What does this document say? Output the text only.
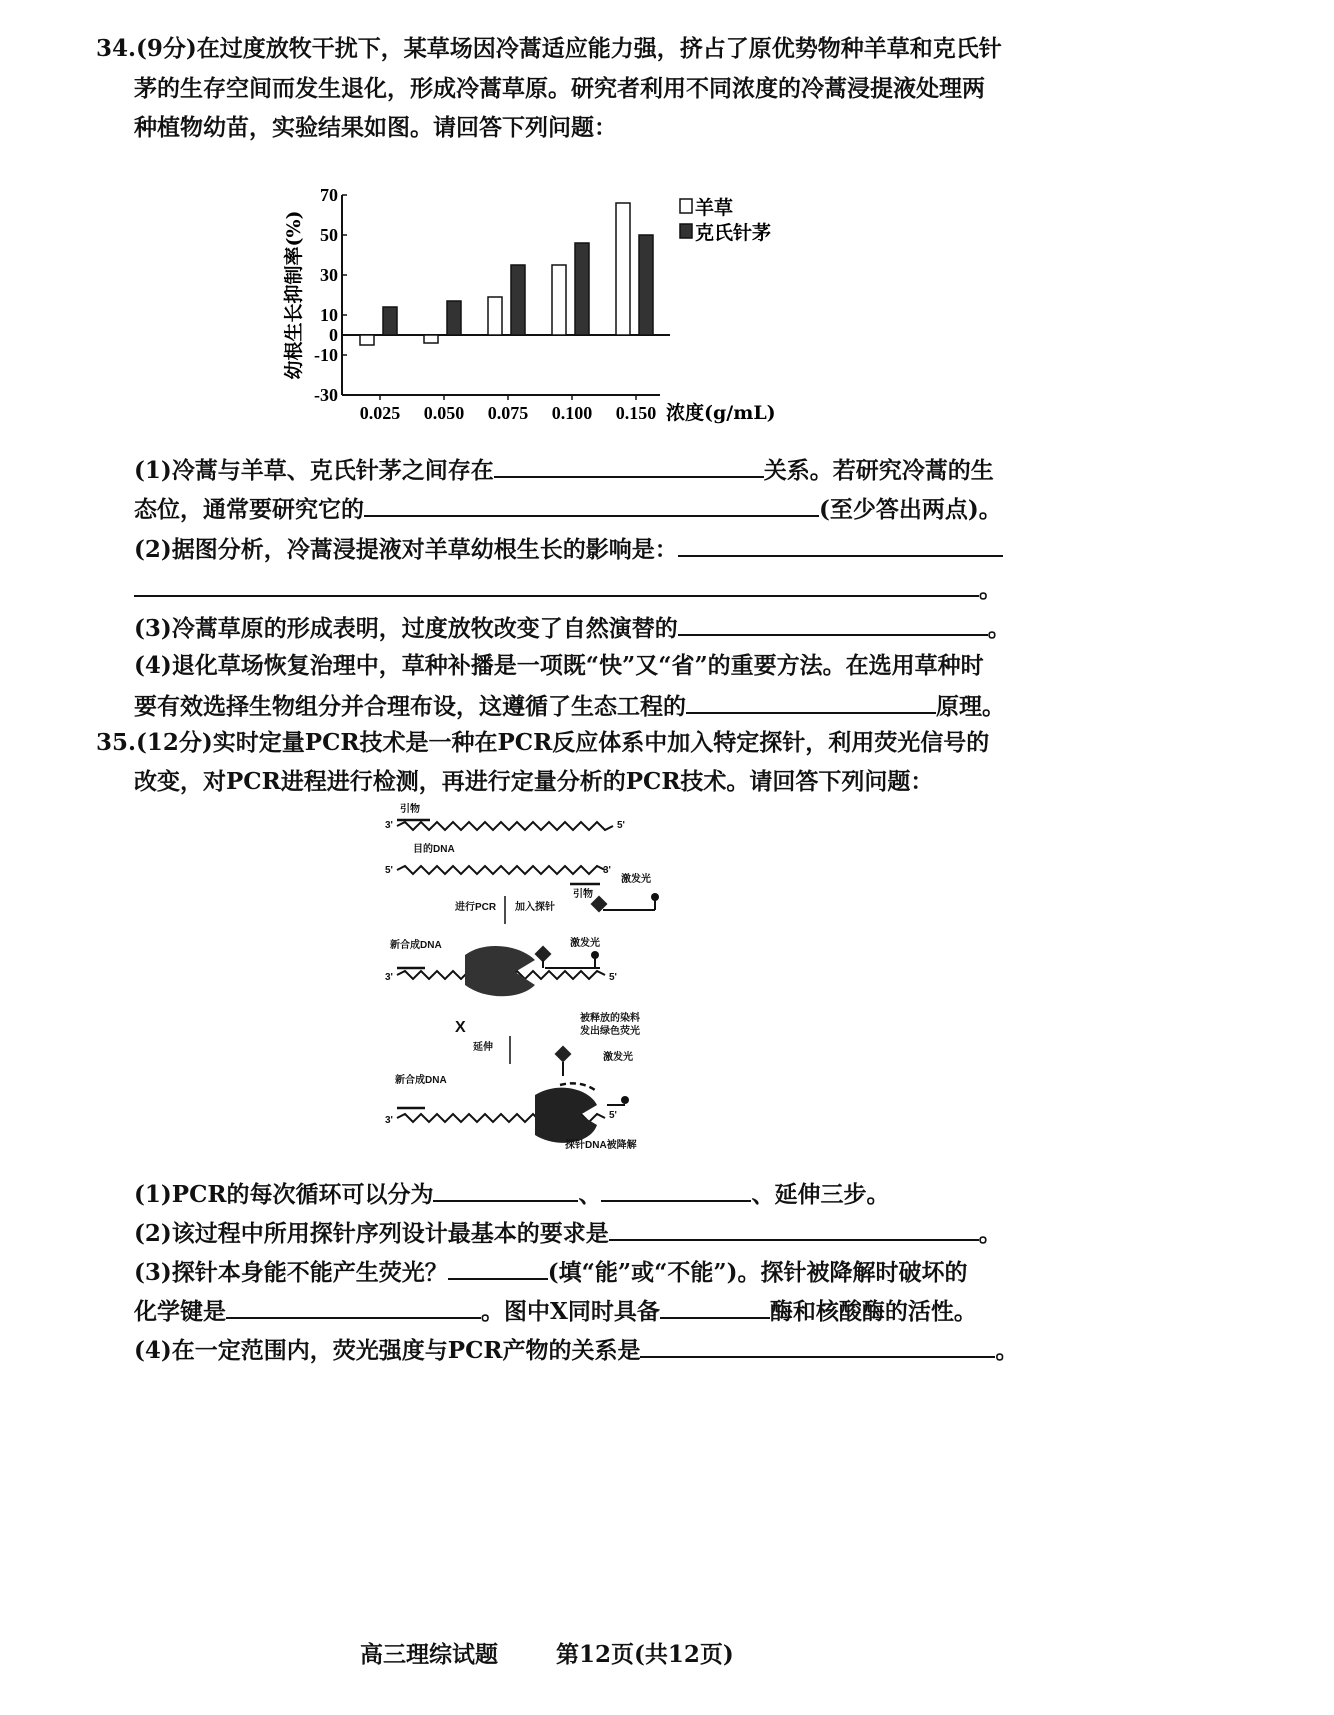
34.(9分)在过度放牧干扰下，某草场因冷蒿适应能力强，挤占了原优势物种羊草和克氏针
茅的生存空间而发生退化，形成冷蒿草原。研究者利用不同浓度的冷蒿浸提液处理两
种植物幼苗，实验结果如图。请回答下列问题：
70
50
30
10
0
-10
-30
幼根生长抑制率(%)
0.025 0.050 0.075 0.100 0.150 浓度(g/mL)
羊草
克氏针茅
(1)冷蒿与羊草、克氏针茅之间存在	关系。若研究冷蒿的生
态位，通常要研究它的	(至少答出两点)。
(2)据图分析，冷蒿浸提液对羊草幼根生长的影响是：
。
(3)冷蒿草原的形成表明，过度放牧改变了自然演替的	。
(4)退化草场恢复治理中，草种补播是一项既“快”又“省”的重要方法。在选用草种时
要有效选择生物组分并合理布设，这遵循了生态工程的	原理。
35.(12分)实时定量PCR技术是一种在PCR反应体系中加入特定探针，利用荧光信号的
改变，对PCR进程进行检测，再进行定量分析的PCR技术。请回答下列问题：
引物
3'	5'
目的DNA
5'	3'
引物
激发光
进行PCR 加入探针
新合成DNA
3'	5'
激发光
X
延伸
被释放的染料
发出绿色荧光
激发光
新合成DNA
3'	5'
探针DNA被降解
(1)PCR的每次循环可以分为	、	、延伸三步。
(2)该过程中所用探针序列设计最基本的要求是	。
(3)探针本身能不能产生荧光？	(填“能”或“不能”)。探针被降解时破坏的
化学键是	。图中X同时具备	酶和核酸酶的活性。
(4)在一定范围内，荧光强度与PCR产物的关系是	。
高三理综试题	第12页(共12页)
